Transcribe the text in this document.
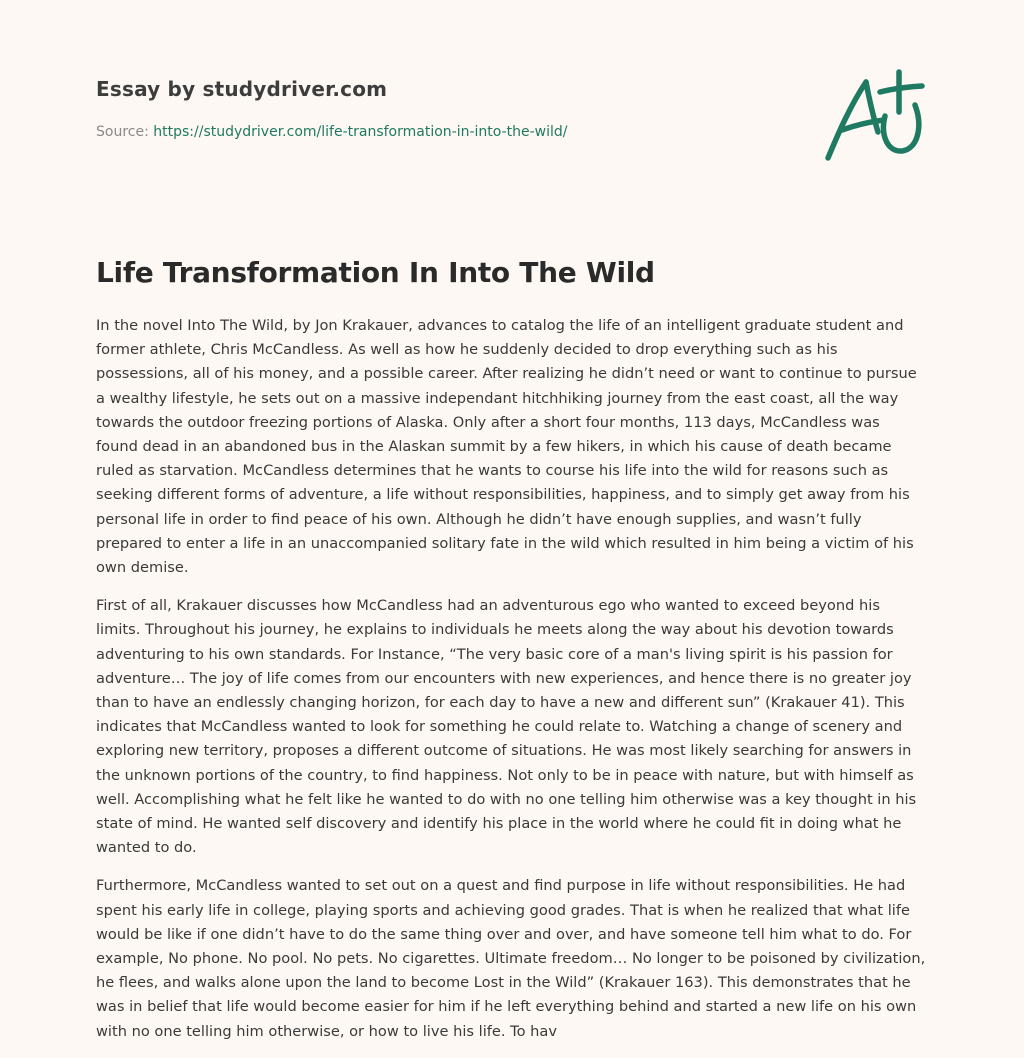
Essay by studydriver.com
Source: https://studydriver.com/life-transformation-in-into-the-wild/
Life Transformation In Into The Wild

In the novel Into The Wild, by Jon Krakauer, advances to catalog the life of an intelligent graduate student and former athlete, Chris McCandless. As well as how he suddenly decided to drop everything such as his possessions, all of his money, and a possible career. After realizing he didn’t need or want to continue to pursue a wealthy lifestyle, he sets out on a massive independant hitchhiking journey from the east coast, all the way towards the outdoor freezing portions of Alaska. Only after a short four months, 113 days, McCandless was found dead in an abandoned bus in the Alaskan summit by a few hikers, in which his cause of death became ruled as starvation. McCandless determines that he wants to course his life into the wild for reasons such as seeking different forms of adventure, a life without responsibilities, happiness, and to simply get away from his personal life in order to find peace of his own. Although he didn’t have enough supplies, and wasn’t fully prepared to enter a life in an unaccompanied solitary fate in the wild which resulted in him being a victim of his own demise.

First of all, Krakauer discusses how McCandless had an adventurous ego who wanted to exceed beyond his limits. Throughout his journey, he explains to individuals he meets along the way about his devotion towards adventuring to his own standards. For Instance, “The very basic core of a man's living spirit is his passion for adventure… The joy of life comes from our encounters with new experiences, and hence there is no greater joy than to have an endlessly changing horizon, for each day to have a new and different sun” (Krakauer 41). This indicates that McCandless wanted to look for something he could relate to. Watching a change of scenery and exploring new territory, proposes a different outcome of situations. He was most likely searching for answers in the unknown portions of the country, to find happiness. Not only to be in peace with nature, but with himself as well. Accomplishing what he felt like he wanted to do with no one telling him otherwise was a key thought in his state of mind. He wanted self discovery and identify his place in the world where he could fit in doing what he wanted to do.

Furthermore, McCandless wanted to set out on a quest and find purpose in life without responsibilities. He had spent his early life in college, playing sports and achieving good grades. That is when he realized that what life would be like if one didn’t have to do the same thing over and over, and have someone tell him what to do. For example, No phone. No pool. No pets. No cigarettes. Ultimate freedom… No longer to be poisoned by civilization, he flees, and walks alone upon the land to become Lost in the Wild” (Krakauer 163). This demonstrates that he was in belief that life would become easier for him if he left everything behind and started a new life on his own with no one telling him otherwise, or how to live his life. To hav
